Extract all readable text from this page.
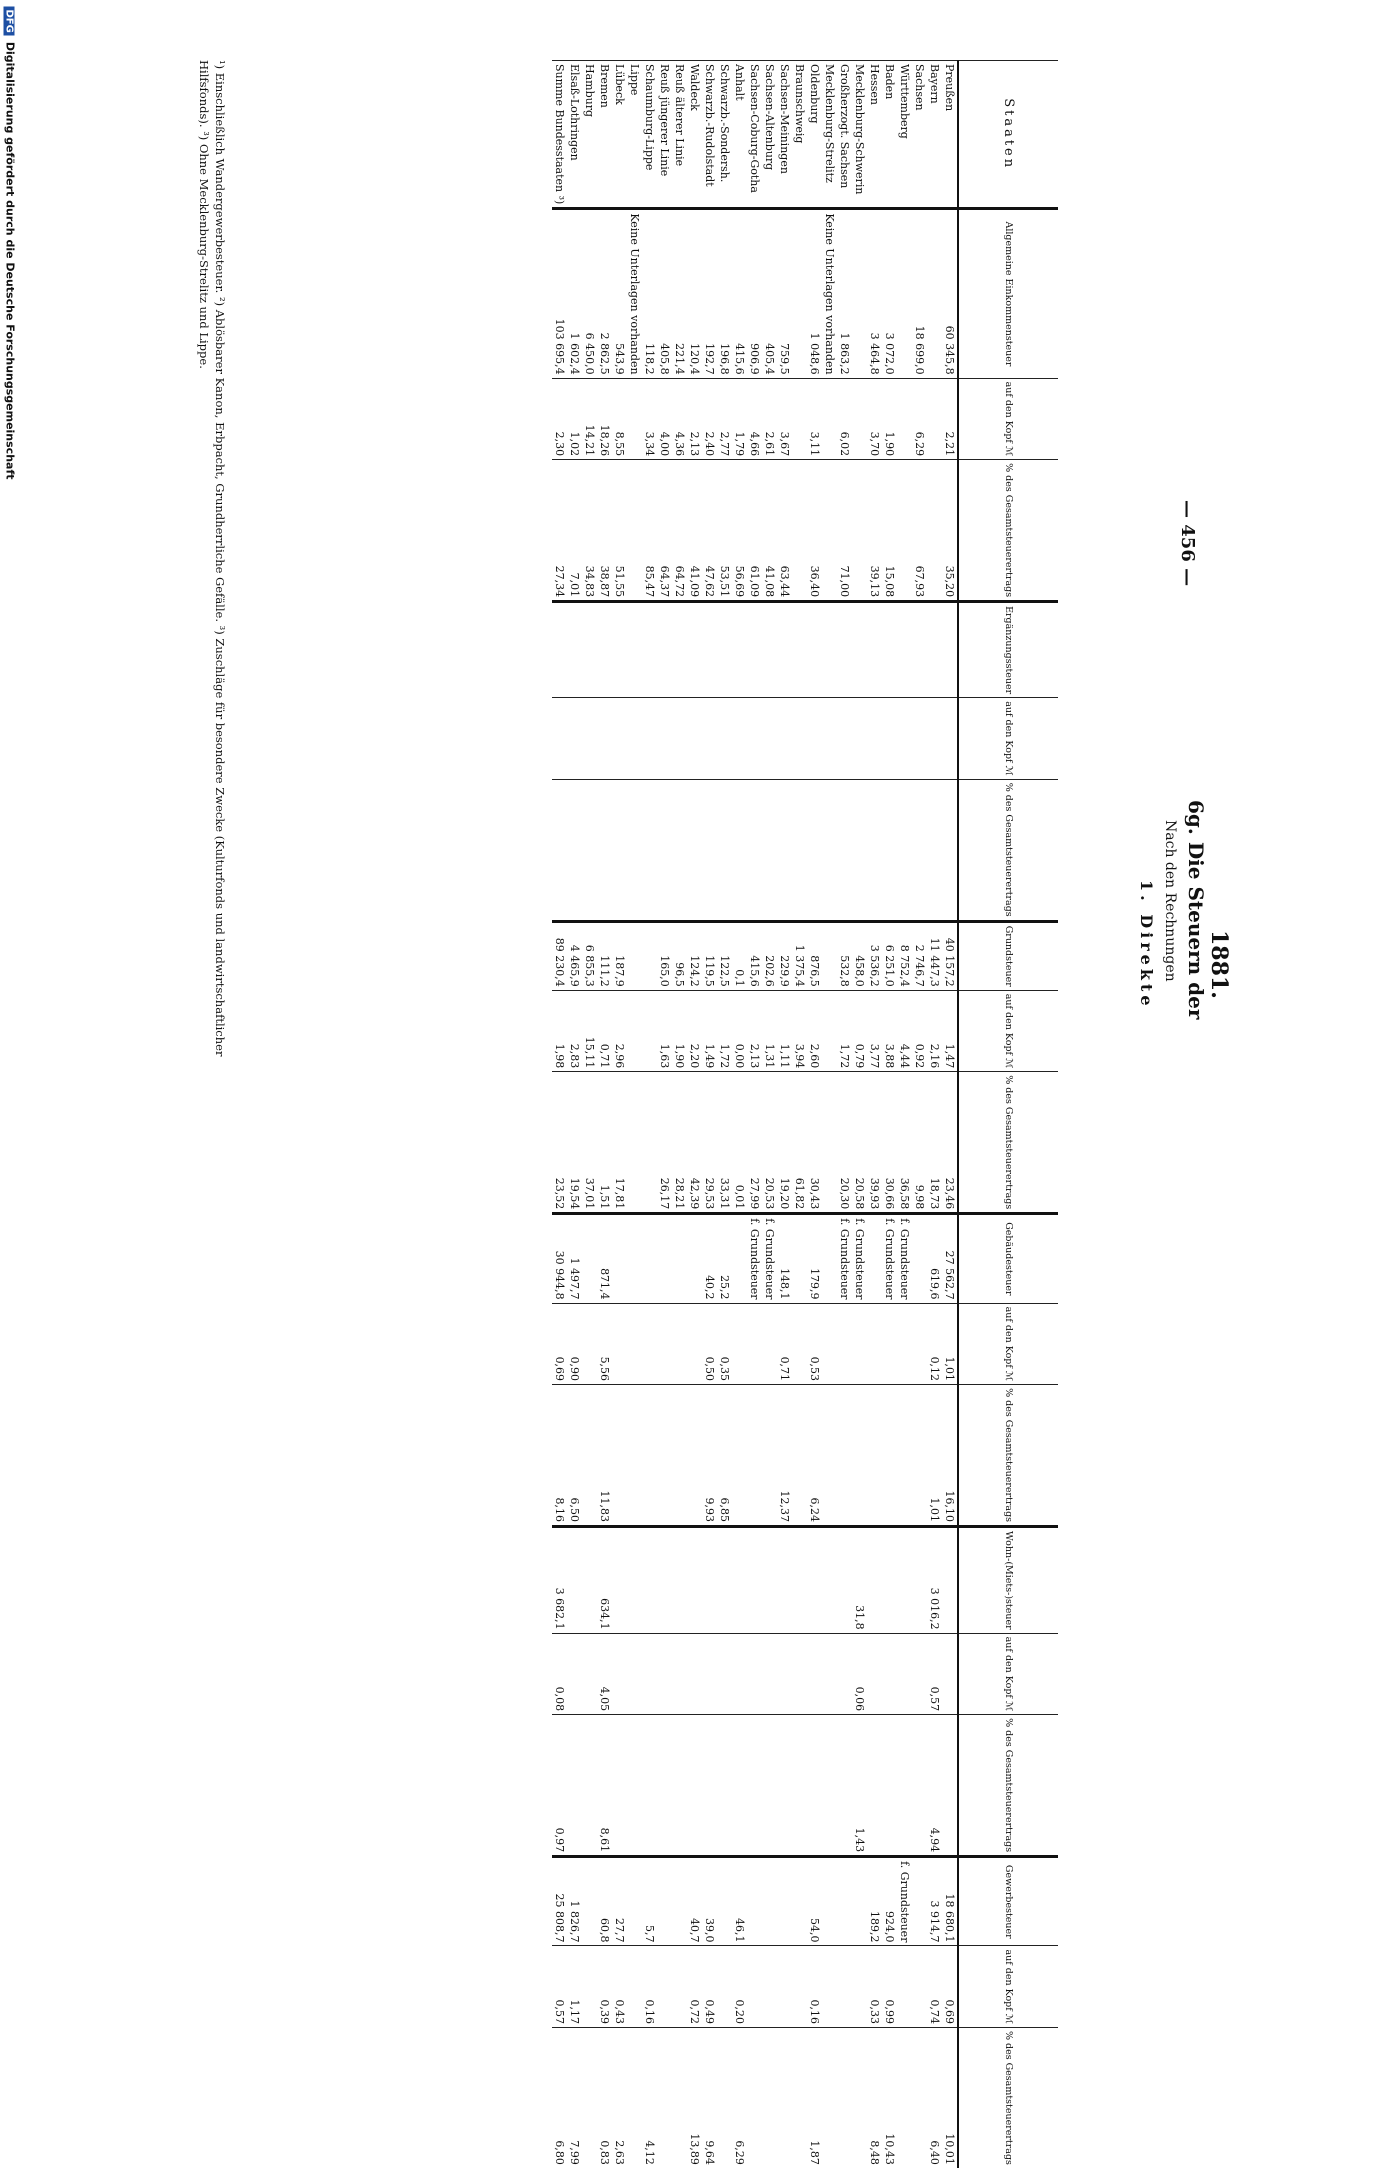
DFGDigitalisierung gefördert durch die Deutsche Forschungsgemeinschaft
— 456 —
6g. Die Steuern der
1881.
Nach den Rechnungen
1. Direkte
Staaten	Allgemeine Einkommensteuer	auf den Kopf ℳ	% des Gesamtsteuerertrags	Ergänzungssteuer	auf den Kopf ℳ	% des Gesamtsteuerertrags	Grundsteuer	auf den Kopf ℳ	% des Gesamtsteuerertrags	Gebäudesteuer	auf den Kopf ℳ	% des Gesamtsteuerertrags	Wohn-(Miets-)steuer	auf den Kopf ℳ	% des Gesamtsteuerertrags	Gewerbesteuer	auf den Kopf ℳ	% des Gesamtsteuerertrags
Preußen	60 345,8	2,21	35,20				40 157,2	1,47	23,46	27 562,7	1,01	16,10				18 680,1	0,69	10,01
Bayern							11 447,3	2,16	18,73	619,6	0,12	1,01	3 016,2	0,57	4,94	3 914,7	0,74	6,40
Sachsen	18 699,0	6,29	67,93				2 746,7	0,92	9,98									
Württemberg							8 752,4	4,44	36,58	f. Grundsteuer						f. Grundsteuer		
Baden	3 072,0	1,90	15,08				6 251,0	3,88	30,66	f. Grundsteuer						924,0	0,99	10,43
Hessen	3 464,8	3,70	39,13				3 536,2	3,77	39,93							189,2	0,33	8,48
Mecklenburg-Schwerin							458,0	0,79	20,58	f. Grundsteuer			31,8	0,06	1,43			
Großherzogt. Sachsen	1 863,2	6,02	71,00				532,8	1,72	20,30	f. Grundsteuer								
Mecklenburg-Strelitz	Keine Unterlagen vorhanden																	
Oldenburg	1 048,6	3,11	36,40				876,5	2,60	30,43	179,9	0,53	6,24				54,0	0,16	1,87
Braunschweig							1 375,4	3,94	61,82									
Sachsen-Meiningen	759,5	3,67	63,44				229,9	1,11	19,20	148,1	0,71	12,37						
Sachsen-Altenburg	405,4	2,61	41,08				202,6	1,31	20,53	f. Grundsteuer								
Sachsen-Coburg-Gotha	906,9	4,66	61,09				415,6	2,13	27,99	f. Grundsteuer								
Anhalt	415,6	1,79	56,69				0,1	0,00	0,01							46,1	0,20	6,29
Schwarzb.-Sondersh.	196,8	2,77	53,51				122,5	1,72	33,31	25,2	0,35	6,85						
Schwarzb.-Rudolstadt	192,7	2,40	47,62				119,5	1,49	29,53	40,2	0,50	9,93				39,0	0,49	9,64
Waldeck	120,4	2,13	41,09				124,2	2,20	42,39							40,7	0,72	13,89
Reuß älterer Linie	221,4	4,36	64,72				96,5	1,90	28,21									
Reuß jüngerer Linie	405,8	4,00	64,37				165,0	1,63	26,17									
Schaumburg-Lippe	118,2	3,34	85,47													5,7	0,16	4,12
Lippe	Keine Unterlagen vorhanden																	
Lübeck	543,9	8,55	51,55				187,9	2,96	17,81							27,7	0,43	2,63
Bremen	2 862,5	18,26	38,87				111,2	0,71	1,51	871,4	5,56	11,83	634,1	4,05	8,61	60,8	0,39	0,83
Hamburg	6 450,0	14,21	34,83				6 855,3	15,11	37,01									
Elsaß-Lothringen	1 602,4	1,02	7,01				4 465,9	2,83	19,54	1 497,7	0,90	6,50				1 826,7	1,17	7,99
Summe Bundesstaaten ³)	103 695,4	2,30	27,34				89 230,4	1,98	23,52	30 944,8	0,69	8,16	3 682,1	0,08	0,97	25 808,7	0,57	6,80
¹) Einschließlich Wandergewerbesteuer. ²) Ablösbarer Kanon, Erbpacht, Grundherrliche Gefälle. ³) Zuschläge für besondere Zwecke (Kulturfonds und landwirtschaftlicher Hilfsfonds). ³) Ohne Mecklenburg-Strelitz und Lippe.
